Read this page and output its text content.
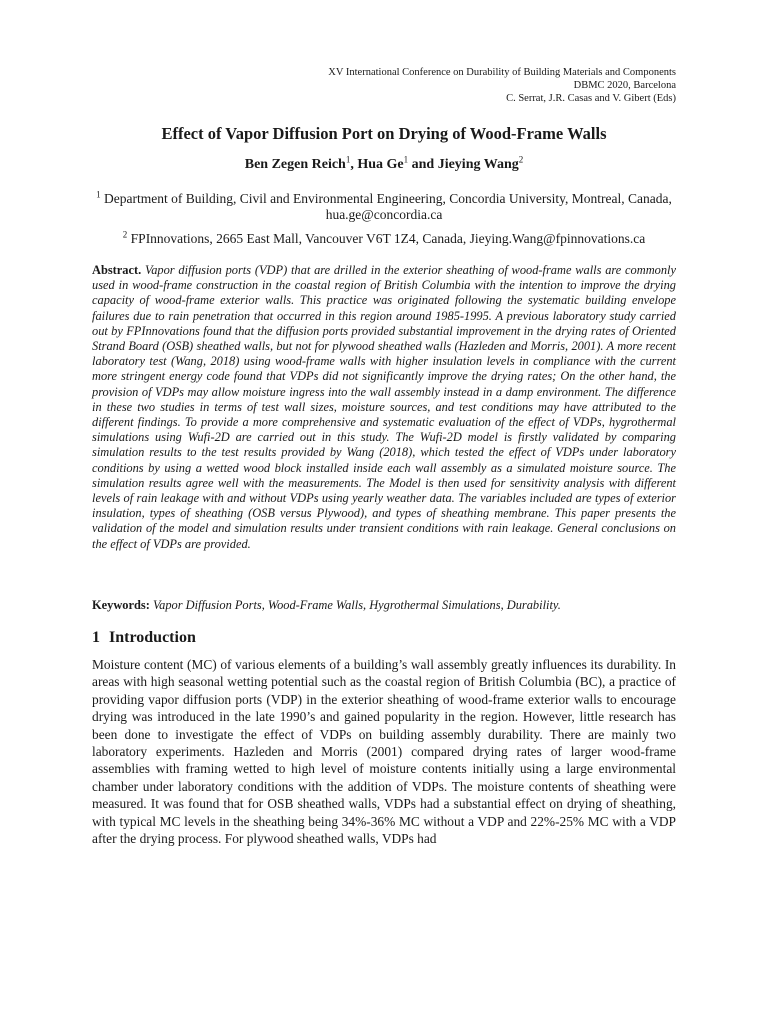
XV International Conference on Durability of Building Materials and Components
DBMC 2020, Barcelona
C. Serrat, J.R. Casas and V. Gibert (Eds)
Effect of Vapor Diffusion Port on Drying of Wood-Frame Walls
Ben Zegen Reich$^1$, Hua Ge$^1$ and Jieying Wang$^2$
$^1$ Department of Building, Civil and Environmental Engineering, Concordia University, Montreal, Canada, hua.ge@concordia.ca
$^2$ FPInnovations, 2665 East Mall, Vancouver V6T 1Z4, Canada, Jieying.Wang@fpinnovations.ca
Abstract. Vapor diffusion ports (VDP) that are drilled in the exterior sheathing of wood-frame walls are commonly used in wood-frame construction in the coastal region of British Columbia with the intention to improve the drying capacity of wood-frame exterior walls. This practice was originated following the systematic building envelope failures due to rain penetration that occurred in this region around 1985-1995. A previous laboratory study carried out by FPInnovations found that the diffusion ports provided substantial improvement in the drying rates of Oriented Strand Board (OSB) sheathed walls, but not for plywood sheathed walls (Hazleden and Morris, 2001). A more recent laboratory test (Wang, 2018) using wood-frame walls with higher insulation levels in compliance with the current more stringent energy code found that VDPs did not significantly improve the drying rates; On the other hand, the provision of VDPs may allow moisture ingress into the wall assembly instead in a damp environment. The difference in these two studies in terms of test wall sizes, moisture sources, and test conditions may have attributed to the different findings. To provide a more comprehensive and systematic evaluation of the effect of VDPs, hygrothermal simulations using Wufi-2D are carried out in this study. The Wufi-2D model is firstly validated by comparing simulation results to the test results provided by Wang (2018), which tested the effect of VDPs under laboratory conditions by using a wetted wood block installed inside each wall assembly as a simulated moisture source. The simulation results agree well with the measurements. The Model is then used for sensitivity analysis with different levels of rain leakage with and without VDPs using yearly weather data. The variables included are types of exterior insulation, types of sheathing (OSB versus Plywood), and types of sheathing membrane. This paper presents the validation of the model and simulation results under transient conditions with rain leakage. General conclusions on the effect of VDPs are provided.
Keywords: Vapor Diffusion Ports, Wood-Frame Walls, Hygrothermal Simulations, Durability.
1 Introduction
Moisture content (MC) of various elements of a building’s wall assembly greatly influences its durability. In areas with high seasonal wetting potential such as the coastal region of British Columbia (BC), a practice of providing vapor diffusion ports (VDP) in the exterior sheathing of wood-frame exterior walls to encourage drying was introduced in the late 1990’s and gained popularity in the region. However, little research has been done to investigate the effect of VDPs on building assembly durability. There are mainly two laboratory experiments. Hazleden and Morris (2001) compared drying rates of larger wood-frame assemblies with framing wetted to high level of moisture contents initially using a large environmental chamber under laboratory conditions with the addition of VDPs. The moisture contents of sheathing were measured. It was found that for OSB sheathed walls, VDPs had a substantial effect on drying of sheathing, with typical MC levels in the sheathing being 34%-36% MC without a VDP and 22%-25% MC with a VDP after the drying process. For plywood sheathed walls, VDPs had
